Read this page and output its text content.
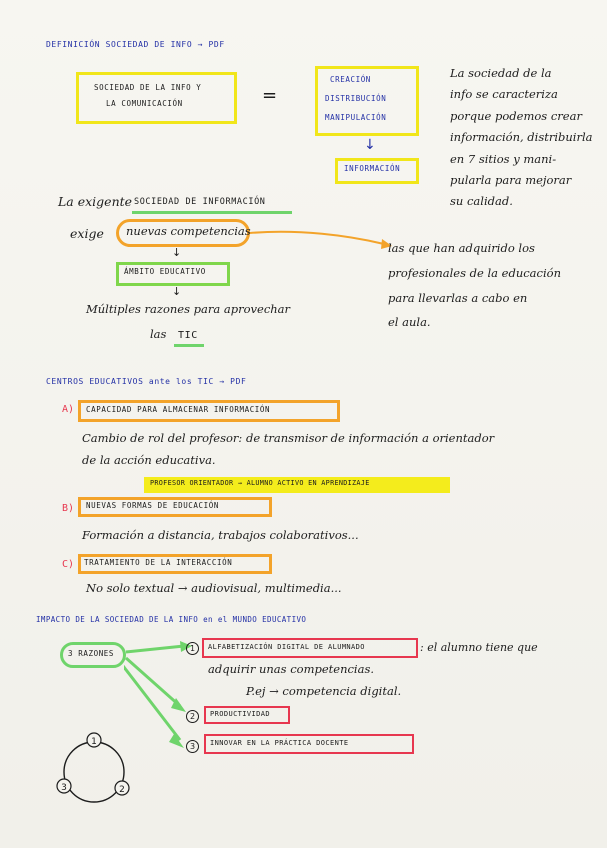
DEFINICIÓN SOCIEDAD DE INFO → PDF
SOCIEDAD DE LA INFO Y
LA COMUNICACIÓN	=
CREACIÓN
DISTRIBUCIÓN
MANIPULACIÓN
↓
INFORMACIÓN
La sociedad de la
info se caracteriza
porque podemos crear
información, distribuirla
en 7 sitios y mani-
pularla para mejorar
su calidad.
La exigente SOCIEDAD DE INFORMACIÓN
exige nuevas competencias
↓
ÁMBITO EDUCATIVO
↓
Múltiples razones para aprovechar
las TIC
las que han adquirido los
profesionales de la educación
para llevarlas a cabo en
el aula.
CENTROS EDUCATIVOS ante los TIC → PDF
A) CAPACIDAD PARA ALMACENAR INFORMACIÓN
Cambio de rol del profesor: de transmisor de información a orientador
de la acción educativa.
PROFESOR ORIENTADOR → ALUMNO ACTIVO EN APRENDIZAJE
B) NUEVAS FORMAS DE EDUCACIÓN
Formación a distancia, trabajos colaborativos...
C) TRATAMIENTO DE LA INTERACCIÓN
No solo textual → audiovisual, multimedia...
IMPACTO DE LA SOCIEDAD DE LA INFO en el MUNDO EDUCATIVO
3 RAZONES
1	ALFABETIZACIÓN DIGITAL DE ALUMNADO	: el alumno tiene que
adquirir unas competencias.
P.ej → competencia digital.
2	PRODUCTIVIDAD
3	INNOVAR EN LA PRÁCTICA DOCENTE
1
3	2
